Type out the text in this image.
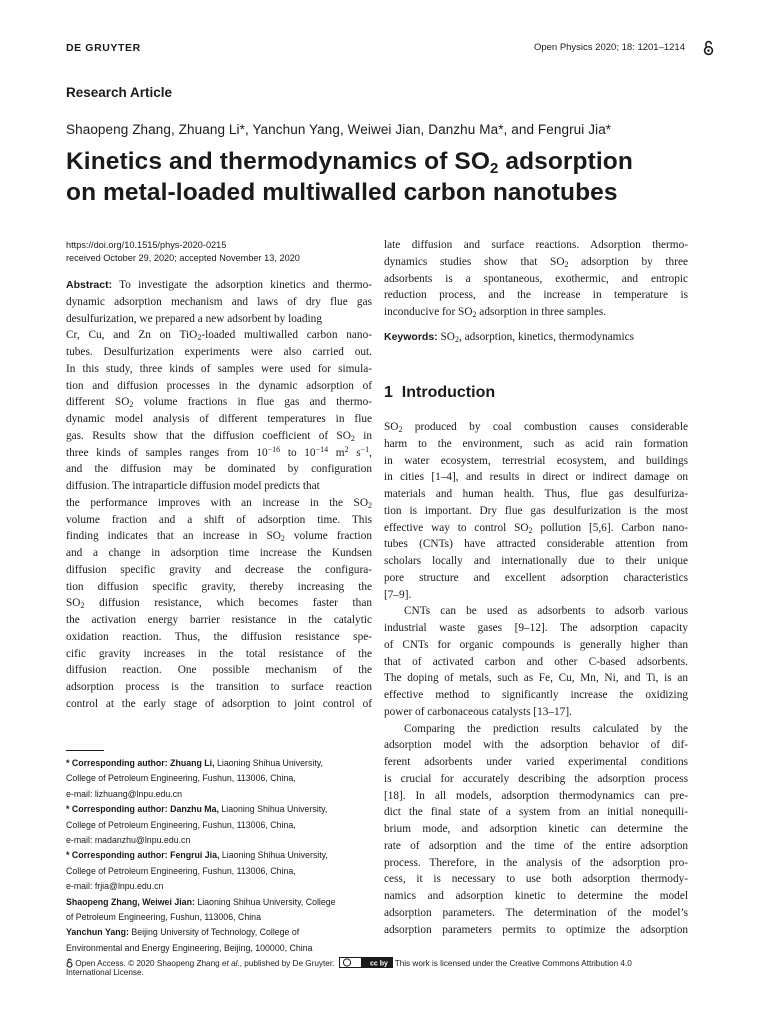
DE GRUYTER	Open Physics 2020; 18: 1201–1214
Research Article
Shaopeng Zhang, Zhuang Li*, Yanchun Yang, Weiwei Jian, Danzhu Ma*, and Fengrui Jia*
Kinetics and thermodynamics of $SO_2$ adsorption
on metal-loaded multiwalled carbon nanotubes
https://doi.org/10.1515/phys-2020-0215
received October 29, 2020; accepted November 13, 2020
Abstract: To investigate the adsorption kinetics and thermo-
dynamic adsorption mechanism and laws of dry flue gas
desulfurization, we prepared a new adsorbent by loading
Cr, Cu, and Zn on TiO$_2$-loaded multiwalled carbon nano-
tubes. Desulfurization experiments were also carried out.
In this study, three kinds of samples were used for simula-
tion and diffusion processes in the dynamic adsorption of
different $SO_2$ volume fractions in flue gas and thermo-
dynamic model analysis of different temperatures in flue
gas. Results show that the diffusion coefficient of $SO_2$ in
three kinds of samples ranges from $10^{-16}$ to $10^{-14}$ $m^2$ $s^{-1}$,
and the diffusion may be dominated by configuration
diffusion. The intraparticle diffusion model predicts that
the performance improves with an increase in the $SO_2$
volume fraction and a shift of adsorption time. This
finding indicates that an increase in $SO_2$ volume fraction
and a change in adsorption time increase the Kundsen
diffusion specific gravity and decrease the configura-
tion diffusion specific gravity, thereby increasing the
$SO_2$ diffusion resistance, which becomes faster than
the activation energy barrier resistance in the catalytic
oxidation reaction. Thus, the diffusion resistance spe-
cific gravity increases in the total resistance of the
diffusion reaction. One possible mechanism of the
adsorption process is the transition to surface reaction
control at the early stage of adsorption to joint control of
late diffusion and surface reactions. Adsorption thermo-
dynamics studies show that $SO_2$ adsorption by three
adsorbents is a spontaneous, exothermic, and entropic
reduction process, and the increase in temperature is
inconducive for $SO_2$ adsorption in three samples.
Keywords: $SO_2$, adsorption, kinetics, thermodynamics
1 Introduction
$SO_2$ produced by coal combustion causes considerable
harm to the environment, such as acid rain formation
in water ecosystem, terrestrial ecosystem, and buildings
in cities [1–4], and results in direct or indirect damage on
materials and human health. Thus, flue gas desulfuriza-
tion is important. Dry flue gas desulfurization is the most
effective way to control $SO_2$ pollution [5,6]. Carbon nano-
tubes (CNTs) have attracted considerable attention from
scholars locally and internationally due to their unique
pore structure and excellent adsorption characteristics
[7–9].
CNTs can be used as adsorbents to adsorb various
industrial waste gases [9–12]. The adsorption capacity
of CNTs for organic compounds is generally higher than
that of activated carbon and other C-based adsorbents.
The doping of metals, such as Fe, Cu, Mn, Ni, and Ti, is an
effective method to significantly increase the oxidizing
power of carbonaceous catalysts [13–17].
Comparing the prediction results calculated by the
adsorption model with the adsorption behavior of dif-
ferent adsorbents under varied experimental conditions
is crucial for accurately describing the adsorption process
[18]. In all models, adsorption thermodynamics can pre-
dict the final state of a system from an initial nonequili-
brium mode, and adsorption kinetic can determine the
rate of adsorption and the time of the entire adsorption
process. Therefore, in the analysis of the adsorption pro-
cess, it is necessary to use both adsorption thermody-
namics and adsorption kinetic to determine the model
adsorption parameters. The determination of the model’s
adsorption parameters permits to optimize the adsorption
* Corresponding author: Zhuang Li, Liaoning Shihua University,
College of Petroleum Engineering, Fushun, 113006, China,
e-mail: lizhuang@lnpu.edu.cn
* Corresponding author: Danzhu Ma, Liaoning Shihua University,
College of Petroleum Engineering, Fushun, 113006, China,
e-mail: madanzhu@lnpu.edu.cn
* Corresponding author: Fengrui Jia, Liaoning Shihua University,
College of Petroleum Engineering, Fushun, 113006, China,
e-mail: frjia@lnpu.edu.cn
Shaopeng Zhang, Weiwei Jian: Liaoning Shihua University, College
of Petroleum Engineering, Fushun, 113006, China
Yanchun Yang: Beijing University of Technology, College of
Environmental and Energy Engineering, Beijing, 100000, China
Open Access. © 2020 Shaopeng Zhang et al., published by De Gruyter.	cc by This work is licensed under the Creative Commons Attribution 4.0
International License.
